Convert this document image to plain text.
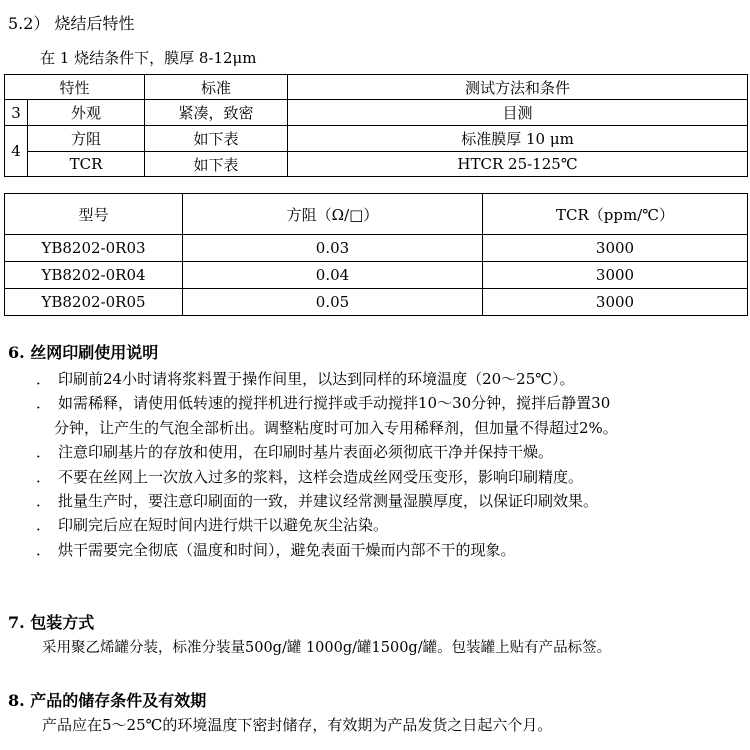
5.2） 烧结后特性
在 1 烧结条件下，膜厚 8-12μm
特性		标准	测试方法和条件
3	外观	紧凑，致密	目测
4	方阻	如下表	标准膜厚 10 μm
	TCR	如下表	HTCR 25-125℃
型号	方阻（Ω/□）	TCR（ppm/℃）
YB8202-0R03	0.03	3000
YB8202-0R04	0.04	3000
YB8202-0R05	0.05	3000
6. 丝网印刷使用说明
． 印刷前24小时请将浆料置于操作间里，以达到同样的环境温度（20～25℃）。
． 如需稀释，请使用低转速的搅拌机进行搅拌或手动搅拌10～30分钟，搅拌后静置30
分钟，让产生的气泡全部析出。调整粘度时可加入专用稀释剂，但加量不得超过2%。
． 注意印刷基片的存放和使用，在印刷时基片表面必须彻底干净并保持干燥。
． 不要在丝网上一次放入过多的浆料，这样会造成丝网受压变形，影响印刷精度。
． 批量生产时，要注意印刷面的一致，并建议经常测量湿膜厚度，以保证印刷效果。
． 印刷完后应在短时间内进行烘干以避免灰尘沾染。
． 烘干需要完全彻底（温度和时间），避免表面干燥而内部不干的现象。
7. 包装方式
采用聚乙烯罐分装，标准分装量500g/罐 1000g/罐1500g/罐。包装罐上贴有产品标签。
8. 产品的储存条件及有效期
产品应在5～25℃的环境温度下密封储存，有效期为产品发货之日起六个月。
